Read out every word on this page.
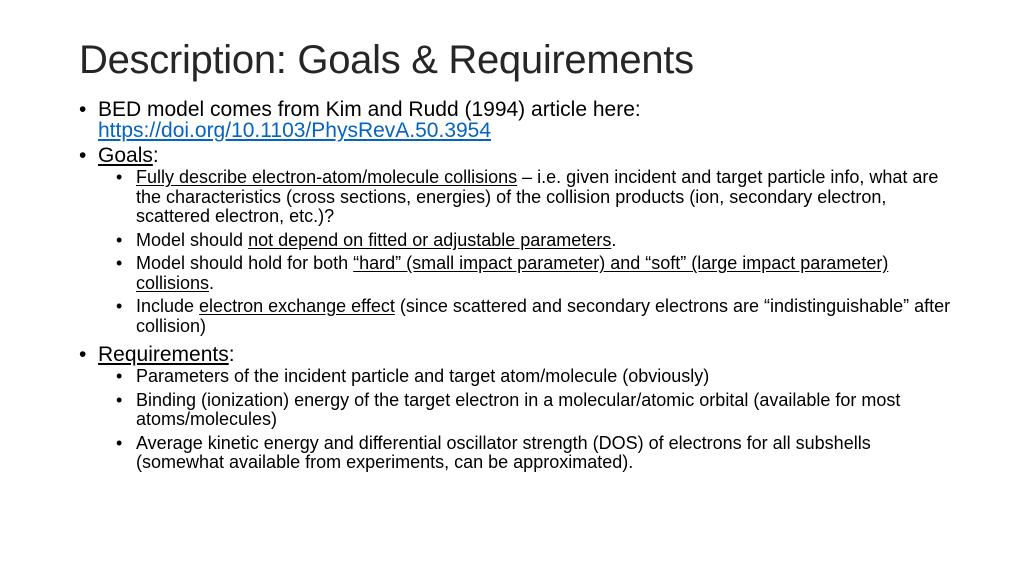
Description: Goals & Requirements
• BED model comes from Kim and Rudd (1994) article here:
https://doi.org/10.1103/PhysRevA.50.3954
• Goals:
• Fully describe electron-atom/molecule collisions – i.e. given incident and target particle info, what are the characteristics (cross sections, energies) of the collision products (ion, secondary electron, scattered electron, etc.)?
• Model should not depend on fitted or adjustable parameters.
• Model should hold for both “hard” (small impact parameter) and “soft” (large impact parameter) collisions.
• Include electron exchange effect (since scattered and secondary electrons are “indistinguishable” after collision)
• Requirements:
• Parameters of the incident particle and target atom/molecule (obviously)
• Binding (ionization) energy of the target electron in a molecular/atomic orbital (available for most atoms/molecules)
• Average kinetic energy and differential oscillator strength (DOS) of electrons for all subshells (somewhat available from experiments, can be approximated).
